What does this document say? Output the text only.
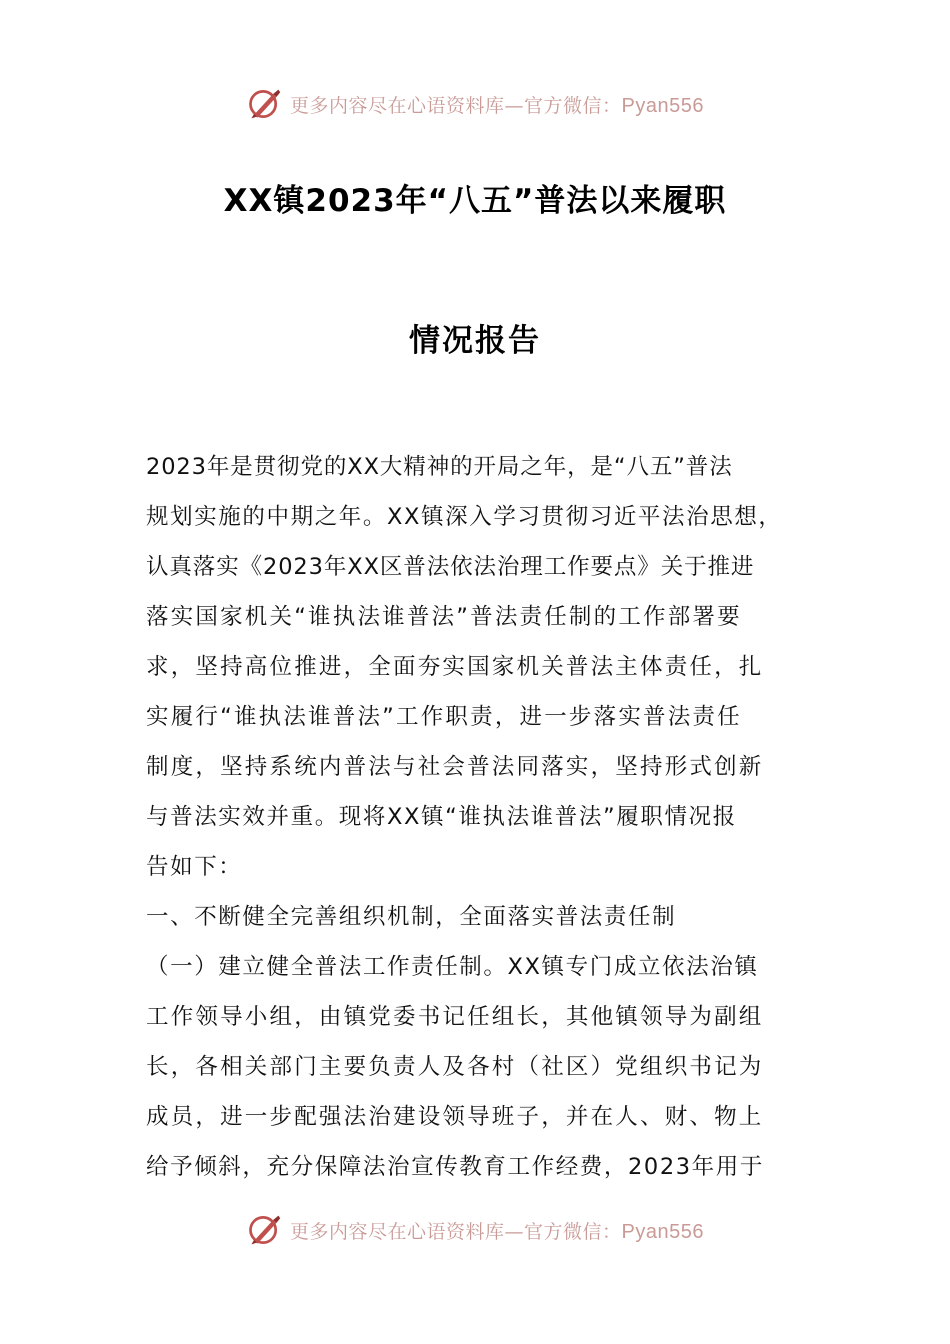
更多内容尽在心语资料库—官方微信：Pyan556
XX镇2023年“八五”普法以来履职
情况报告
2023年是贯彻党的XX大精神的开局之年，是“八五”普法
规划实施的中期之年。XX镇深入学习贯彻习近平法治思想，
认真落实《2023年XX区普法依法治理工作要点》关于推进
落实国家机关“谁执法谁普法”普法责任制的工作部署要
求，坚持高位推进，全面夯实国家机关普法主体责任，扎
实履行“谁执法谁普法”工作职责，进一步落实普法责任
制度，坚持系统内普法与社会普法同落实，坚持形式创新
与普法实效并重。现将XX镇“谁执法谁普法”履职情况报
告如下：
一、不断健全完善组织机制，全面落实普法责任制
（一）建立健全普法工作责任制。XX镇专门成立依法治镇
工作领导小组，由镇党委书记任组长，其他镇领导为副组
长，各相关部门主要负责人及各村（社区）党组织书记为
成员，进一步配强法治建设领导班子，并在人、财、物上
给予倾斜，充分保障法治宣传教育工作经费，2023年用于
更多内容尽在心语资料库—官方微信：Pyan556
